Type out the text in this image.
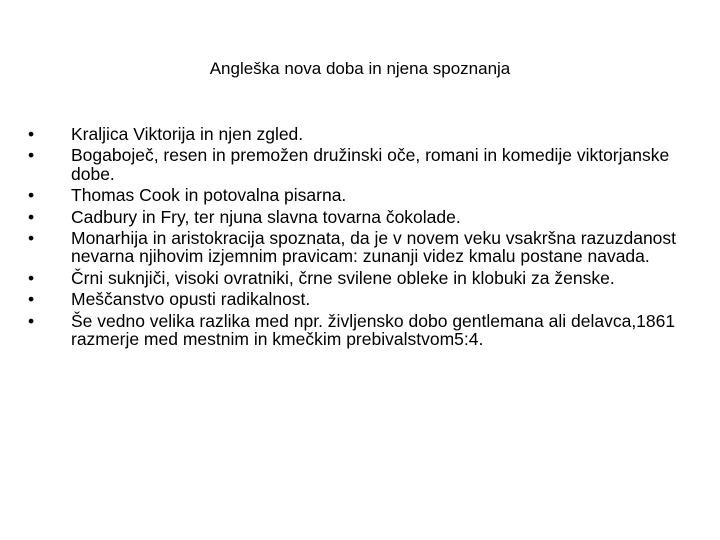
Angleška nova doba in njena spoznanja
•	Kraljica Viktorija in njen zgled.
•	Bogaboječ, resen in premožen družinski oče, romani in komedije viktorjanske dobe.
•	Thomas Cook in potovalna pisarna.
•	Cadbury in Fry, ter njuna slavna tovarna čokolade.
•	Monarhija in aristokracija spoznata, da je v novem veku vsakršna razuzdanost nevarna njihovim izjemnim pravicam: zunanji videz kmalu postane navada.
•	Črni suknjiči, visoki ovratniki, črne svilene obleke in klobuki za ženske.
•	Meščanstvo opusti radikalnost.
•	Še vedno velika razlika med npr. življensko dobo gentlemana ali delavca,1861 razmerje med mestnim in kmečkim prebivalstvom5:4.
